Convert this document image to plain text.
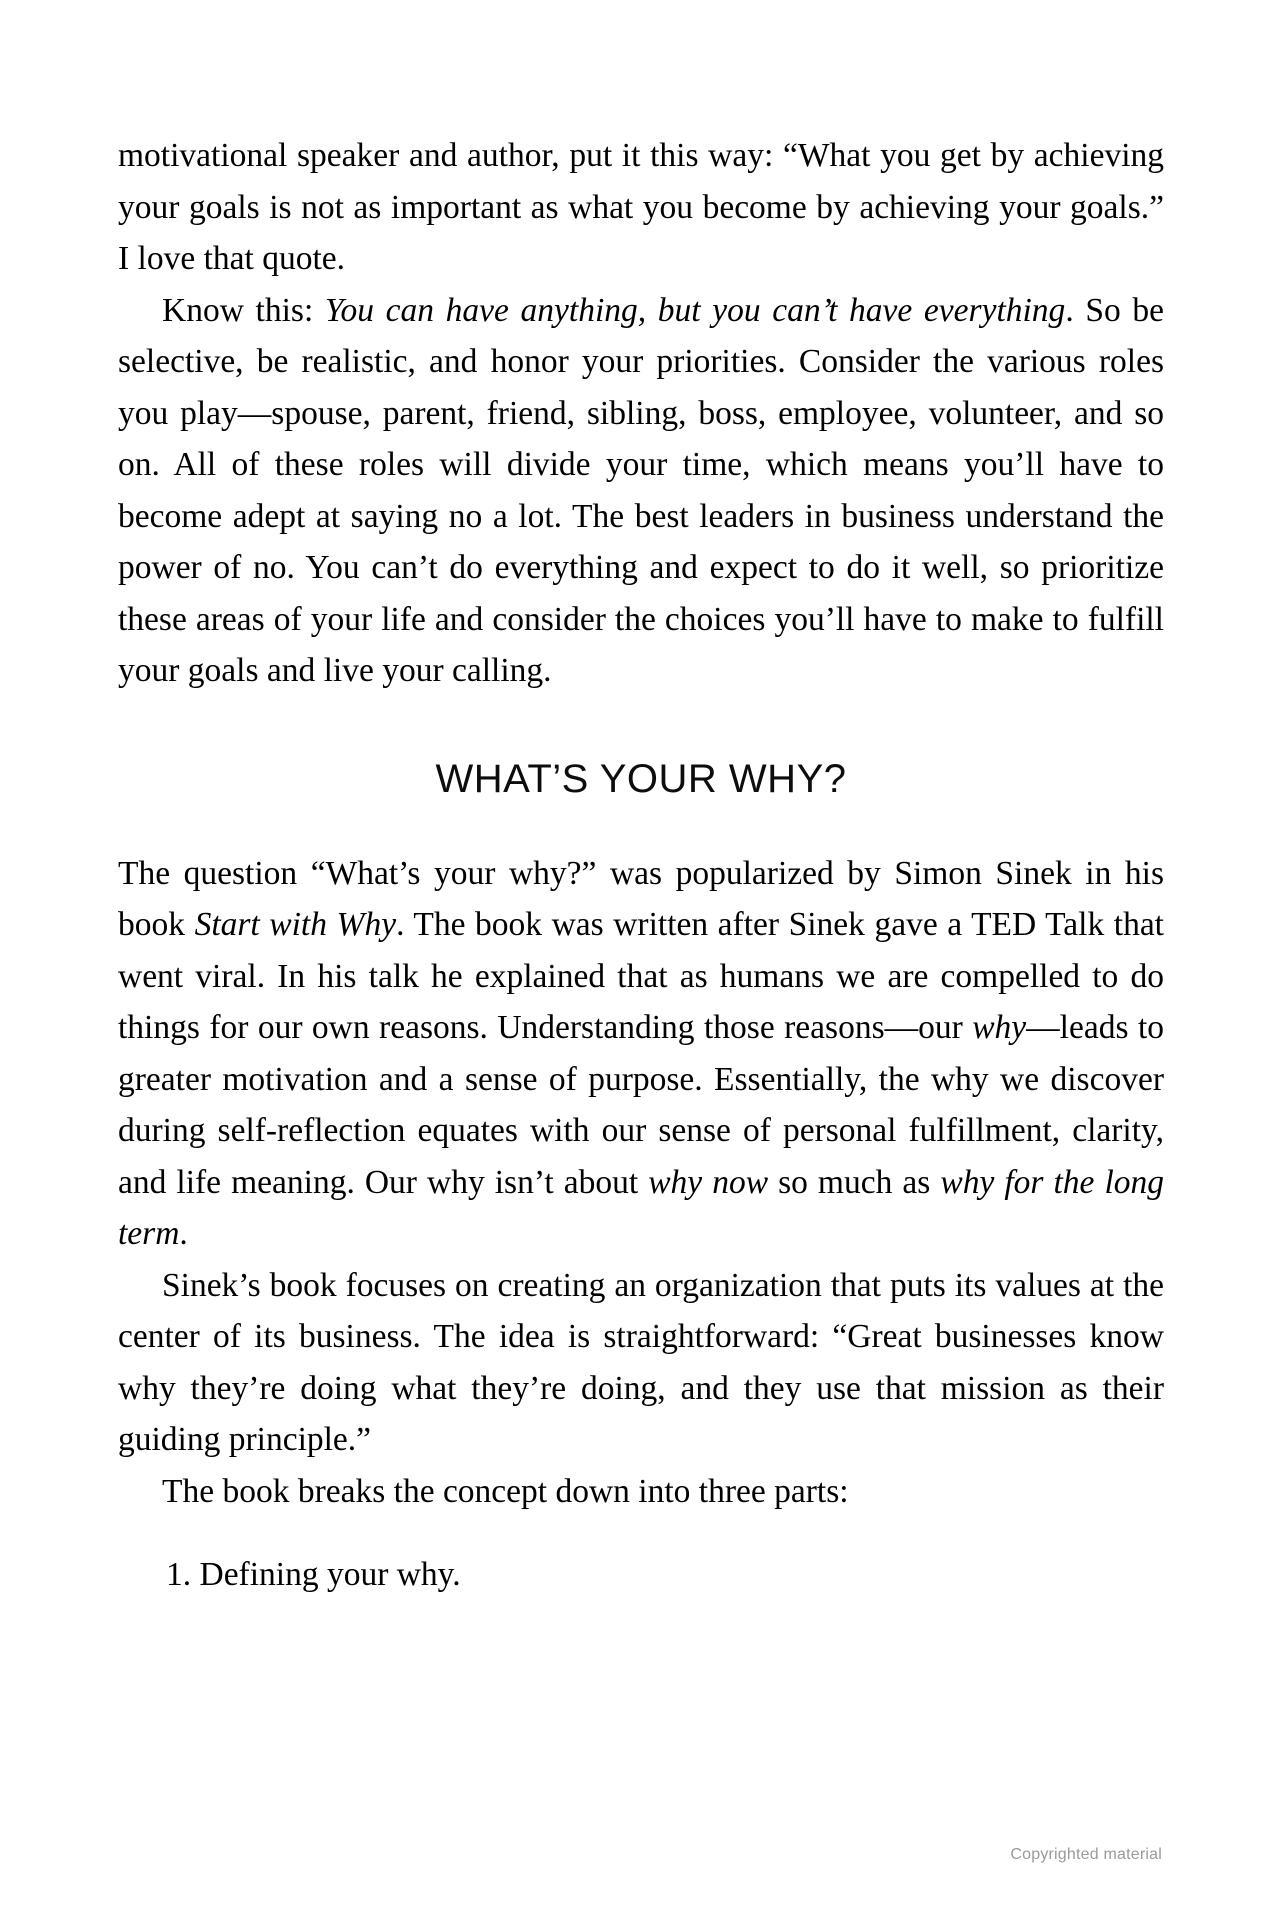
motivational speaker and author, put it this way: “What you get by achieving your goals is not as important as what you become by achieving your goals.” I love that quote.

Know this: You can have anything, but you can’t have everything. So be selective, be realistic, and honor your priorities. Consider the various roles you play—spouse, parent, friend, sibling, boss, employee, volunteer, and so on. All of these roles will divide your time, which means you’ll have to become adept at saying no a lot. The best leaders in business understand the power of no. You can’t do everything and expect to do it well, so prioritize these areas of your life and consider the choices you’ll have to make to fulfill your goals and live your calling.

WHAT’S YOUR WHY?

The question “What’s your why?” was popularized by Simon Sinek in his book Start with Why. The book was written after Sinek gave a TED Talk that went viral. In his talk he explained that as humans we are compelled to do things for our own reasons. Understanding those reasons—our why—leads to greater motivation and a sense of purpose. Essentially, the why we discover during self-reflection equates with our sense of personal fulfillment, clarity, and life meaning. Our why isn’t about why now so much as why for the long term.

Sinek’s book focuses on creating an organization that puts its values at the center of its business. The idea is straightforward: “Great businesses know why they’re doing what they’re doing, and they use that mission as their guiding principle.”

The book breaks the concept down into three parts:

1. Defining your why.

Copyrighted material
